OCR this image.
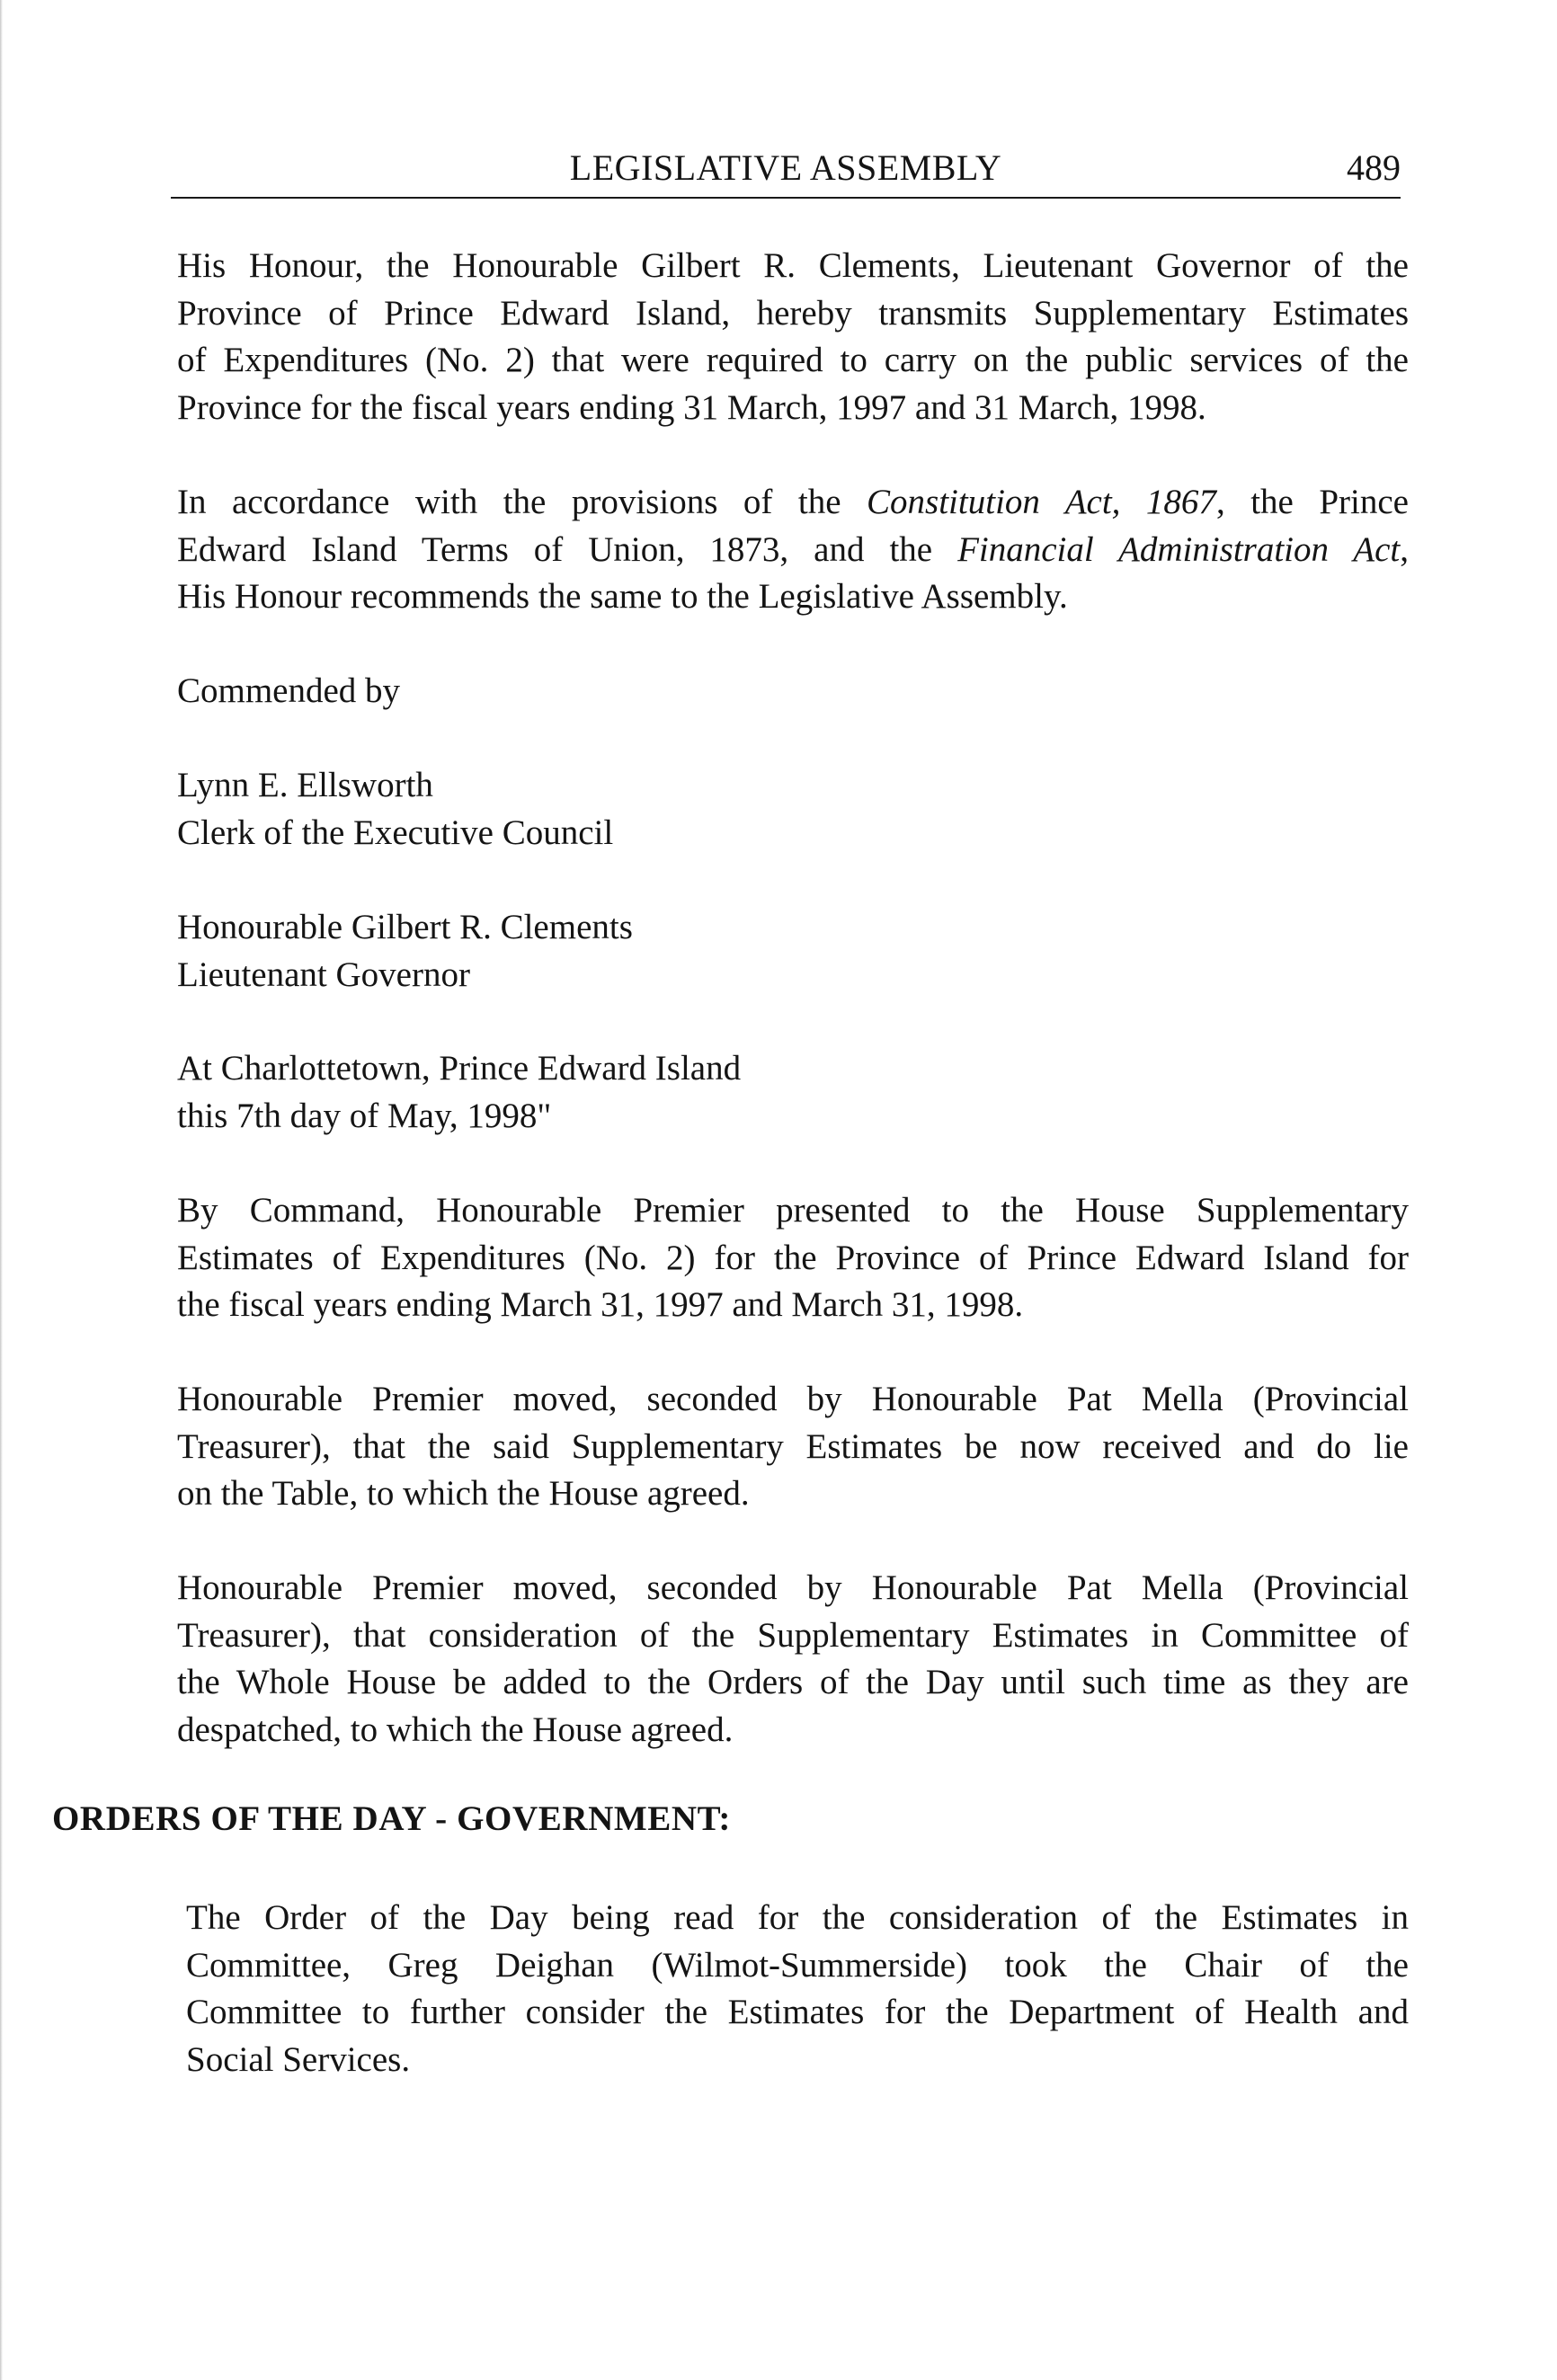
LEGISLATIVE ASSEMBLY	489

His Honour, the Honourable Gilbert R. Clements, Lieutenant Governor of the
Province of Prince Edward Island, hereby transmits Supplementary Estimates
of Expenditures (No. 2) that were required to carry on the public services of the
Province for the fiscal years ending 31 March, 1997 and 31 March, 1998.

In accordance with the provisions of the Constitution Act, 1867, the Prince
Edward Island Terms of Union, 1873, and the Financial Administration Act,
His Honour recommends the same to the Legislative Assembly.

Commended by

Lynn E. Ellsworth
Clerk of the Executive Council

Honourable Gilbert R. Clements
Lieutenant Governor

At Charlottetown, Prince Edward Island
this 7th day of May, 1998"

By Command, Honourable Premier presented to the House Supplementary
Estimates of Expenditures (No. 2) for the Province of Prince Edward Island for
the fiscal years ending March 31, 1997 and March 31, 1998.

Honourable Premier moved, seconded by Honourable Pat Mella (Provincial
Treasurer), that the said Supplementary Estimates be now received and do lie
on the Table, to which the House agreed.

Honourable Premier moved, seconded by Honourable Pat Mella (Provincial
Treasurer), that consideration of the Supplementary Estimates in Committee of
the Whole House be added to the Orders of the Day until such time as they are
despatched, to which the House agreed.

ORDERS OF THE DAY - GOVERNMENT:

The Order of the Day being read for the consideration of the Estimates in
Committee, Greg Deighan (Wilmot-Summerside) took the Chair of the
Committee to further consider the Estimates for the Department of Health and
Social Services.
